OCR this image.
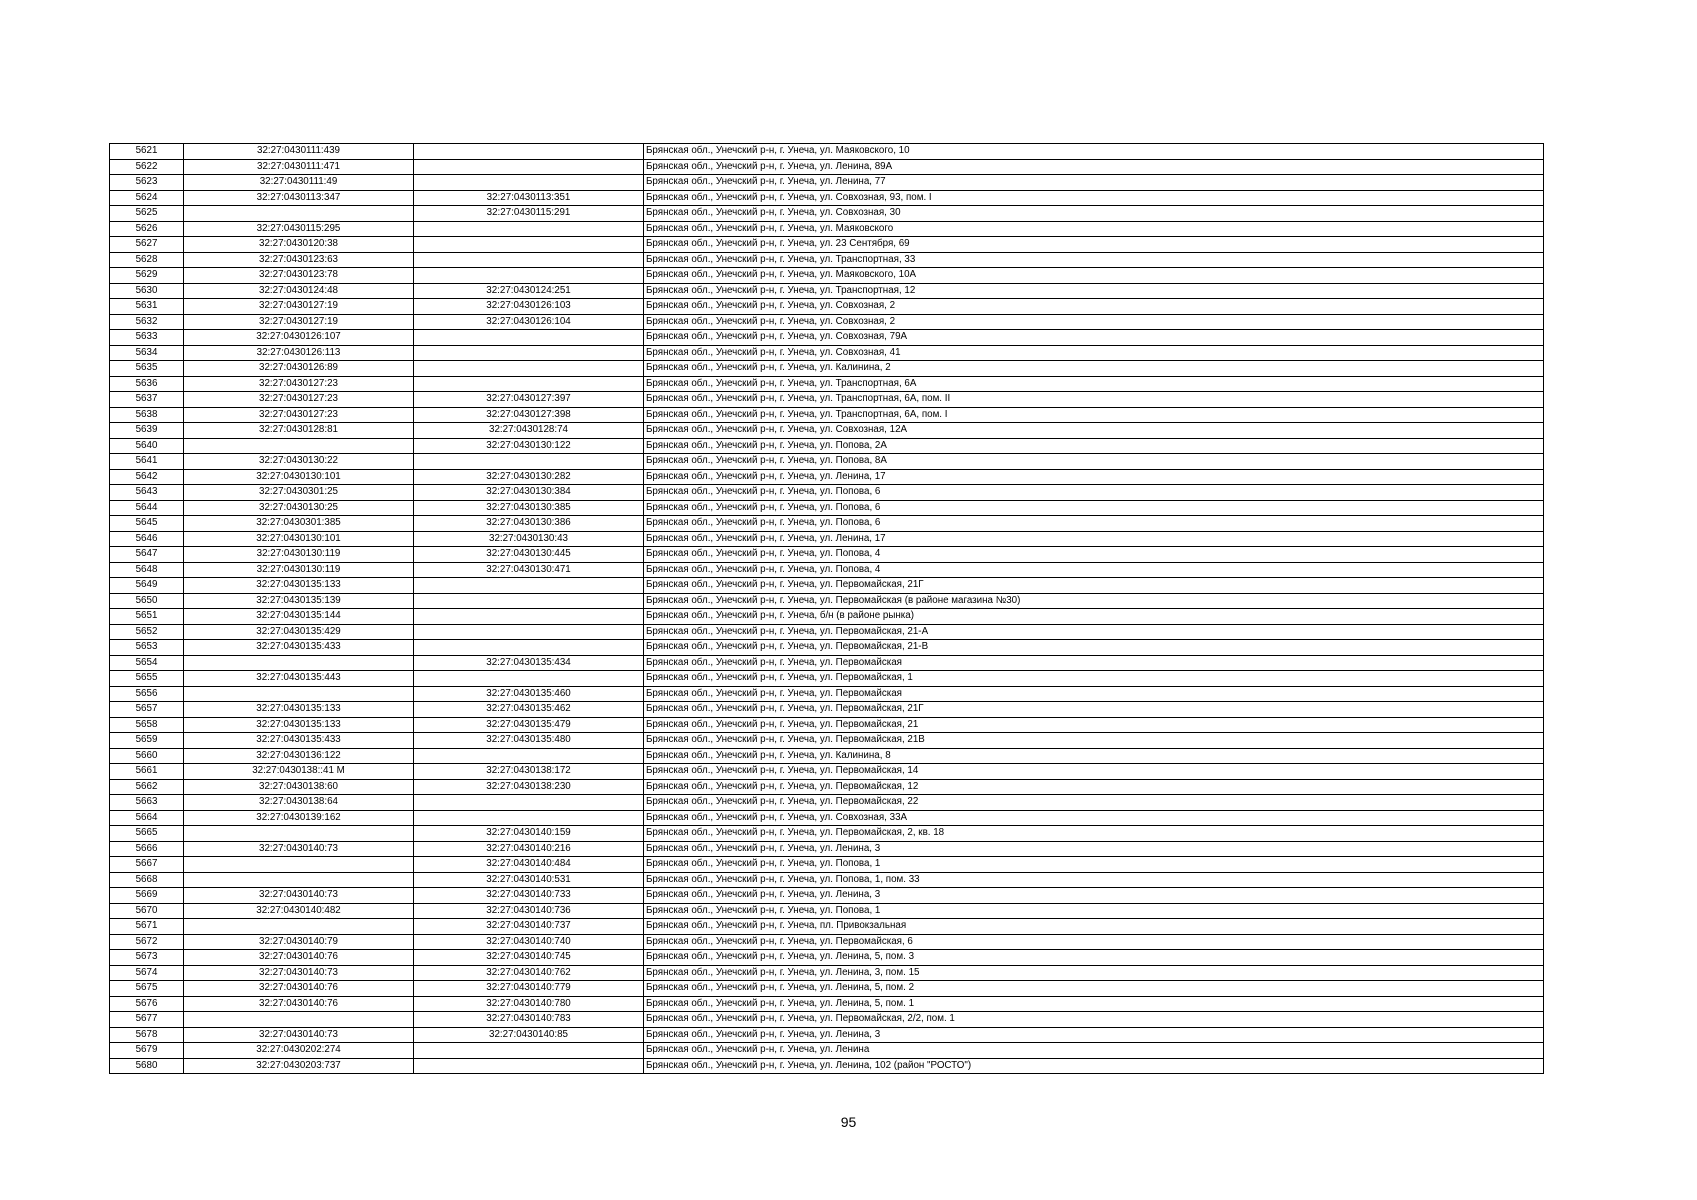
5621	32:27:0430111:439		Брянская обл., Унечский р-н, г. Унеча, ул. Маяковского, 10
5622	32:27:0430111:471		Брянская обл., Унечский р-н, г. Унеча, ул. Ленина, 89А
5623	32:27:0430111:49		Брянская обл., Унечский р-н, г. Унеча, ул. Ленина, 77
5624	32:27:0430113:347	32:27:0430113:351	Брянская обл., Унечский р-н, г. Унеча, ул. Совхозная, 93, пом. I
5625		32:27:0430115:291	Брянская обл., Унечский р-н, г. Унеча, ул. Совхозная, 30
5626	32:27:0430115:295		Брянская обл., Унечский р-н, г. Унеча, ул. Маяковского
5627	32:27:0430120:38		Брянская обл., Унечский р-н, г. Унеча, ул. 23 Сентября, 69
5628	32:27:0430123:63		Брянская обл., Унечский р-н, г. Унеча, ул. Транспортная, 33
5629	32:27:0430123:78		Брянская обл., Унечский р-н, г. Унеча, ул. Маяковского, 10А
5630	32:27:0430124:48	32:27:0430124:251	Брянская обл., Унечский р-н, г. Унеча, ул. Транспортная, 12
5631	32:27:0430127:19	32:27:0430126:103	Брянская обл., Унечский р-н, г. Унеча, ул. Совхозная, 2
5632	32:27:0430127:19	32:27:0430126:104	Брянская обл., Унечский р-н, г. Унеча, ул. Совхозная, 2
5633	32:27:0430126:107		Брянская обл., Унечский р-н, г. Унеча, ул. Совхозная, 79А
5634	32:27:0430126:113		Брянская обл., Унечский р-н, г. Унеча, ул. Совхозная, 41
5635	32:27:0430126:89		Брянская обл., Унечский р-н, г. Унеча, ул. Калинина, 2
5636	32:27:0430127:23		Брянская обл., Унечский р-н, г. Унеча, ул. Транспортная, 6А
5637	32:27:0430127:23	32:27:0430127:397	Брянская обл., Унечский р-н, г. Унеча, ул. Транспортная, 6А, пом. II
5638	32:27:0430127:23	32:27:0430127:398	Брянская обл., Унечский р-н, г. Унеча, ул. Транспортная, 6А, пом. I
5639	32:27:0430128:81	32:27:0430128:74	Брянская обл., Унечский р-н, г. Унеча, ул. Совхозная, 12А
5640		32:27:0430130:122	Брянская обл., Унечский р-н, г. Унеча, ул. Попова, 2А
5641	32:27:0430130:22		Брянская обл., Унечский р-н, г. Унеча, ул. Попова, 8А
5642	32:27:0430130:101	32:27:0430130:282	Брянская обл., Унечский р-н, г. Унеча, ул. Ленина, 17
5643	32:27:0430301:25	32:27:0430130:384	Брянская обл., Унечский р-н, г. Унеча, ул. Попова, 6
5644	32:27:0430130:25	32:27:0430130:385	Брянская обл., Унечский р-н, г. Унеча, ул. Попова, 6
5645	32:27:0430301:385	32:27:0430130:386	Брянская обл., Унечский р-н, г. Унеча, ул. Попова, 6
5646	32:27:0430130:101	32:27:0430130:43	Брянская обл., Унечский р-н, г. Унеча, ул. Ленина, 17
5647	32:27:0430130:119	32:27:0430130:445	Брянская обл., Унечский р-н, г. Унеча, ул. Попова, 4
5648	32:27:0430130:119	32:27:0430130:471	Брянская обл., Унечский р-н, г. Унеча, ул. Попова, 4
5649	32:27:0430135:133		Брянская обл., Унечский р-н, г. Унеча, ул. Первомайская, 21Г
5650	32:27:0430135:139		Брянская обл., Унечский р-н, г. Унеча, ул. Первомайская (в районе магазина №30)
5651	32:27:0430135:144		Брянская обл., Унечский р-н, г. Унеча, б/н (в районе рынка)
5652	32:27:0430135:429		Брянская обл., Унечский р-н, г. Унеча, ул. Первомайская, 21-А
5653	32:27:0430135:433		Брянская обл., Унечский р-н, г. Унеча, ул. Первомайская, 21-В
5654		32:27:0430135:434	Брянская обл., Унечский р-н, г. Унеча, ул. Первомайская
5655	32:27:0430135:443		Брянская обл., Унечский р-н, г. Унеча, ул. Первомайская, 1
5656		32:27:0430135:460	Брянская обл., Унечский р-н, г. Унеча, ул. Первомайская
5657	32:27:0430135:133	32:27:0430135:462	Брянская обл., Унечский р-н, г. Унеча, ул. Первомайская, 21Г
5658	32:27:0430135:133	32:27:0430135:479	Брянская обл., Унечский р-н, г. Унеча, ул. Первомайская, 21
5659	32:27:0430135:433	32:27:0430135:480	Брянская обл., Унечский р-н, г. Унеча, ул. Первомайская, 21В
5660	32:27:0430136:122		Брянская обл., Унечский р-н, г. Унеча, ул. Калинина, 8
5661	32:27:0430138::41 М	32:27:0430138:172	Брянская обл., Унечский р-н, г. Унеча, ул. Первомайская, 14
5662	32:27:0430138:60	32:27:0430138:230	Брянская обл., Унечский р-н, г. Унеча, ул. Первомайская, 12
5663	32:27:0430138:64		Брянская обл., Унечский р-н, г. Унеча, ул. Первомайская, 22
5664	32:27:0430139:162		Брянская обл., Унечский р-н, г. Унеча, ул. Совхозная, 33А
5665		32:27:0430140:159	Брянская обл., Унечский р-н, г. Унеча, ул. Первомайская, 2, кв. 18
5666	32:27:0430140:73	32:27:0430140:216	Брянская обл., Унечский р-н, г. Унеча, ул. Ленина, 3
5667		32:27:0430140:484	Брянская обл., Унечский р-н, г. Унеча, ул. Попова, 1
5668		32:27:0430140:531	Брянская обл., Унечский р-н, г. Унеча, ул. Попова, 1, пом. 33
5669	32:27:0430140:73	32:27:0430140:733	Брянская обл., Унечский р-н, г. Унеча, ул. Ленина, 3
5670	32:27:0430140:482	32:27:0430140:736	Брянская обл., Унечский р-н, г. Унеча, ул. Попова, 1
5671		32:27:0430140:737	Брянская обл., Унечский р-н, г. Унеча, пл. Привокзальная
5672	32:27:0430140:79	32:27:0430140:740	Брянская обл., Унечский р-н, г. Унеча, ул. Первомайская, 6
5673	32:27:0430140:76	32:27:0430140:745	Брянская обл., Унечский р-н, г. Унеча, ул. Ленина, 5, пом. 3
5674	32:27:0430140:73	32:27:0430140:762	Брянская обл., Унечский р-н, г. Унеча, ул. Ленина, 3, пом. 15
5675	32:27:0430140:76	32:27:0430140:779	Брянская обл., Унечский р-н, г. Унеча, ул. Ленина, 5, пом. 2
5676	32:27:0430140:76	32:27:0430140:780	Брянская обл., Унечский р-н, г. Унеча, ул. Ленина, 5, пом. 1
5677		32:27:0430140:783	Брянская обл., Унечский р-н, г. Унеча, ул. Первомайская, 2/2, пом. 1
5678	32:27:0430140:73	32:27:0430140:85	Брянская обл., Унечский р-н, г. Унеча, ул. Ленина, 3
5679	32:27:0430202:274		Брянская обл., Унечский р-н, г. Унеча, ул. Ленина
5680	32:27:0430203:737		Брянская обл., Унечский р-н, г. Унеча, ул. Ленина, 102 (район "РОСТО")
95
